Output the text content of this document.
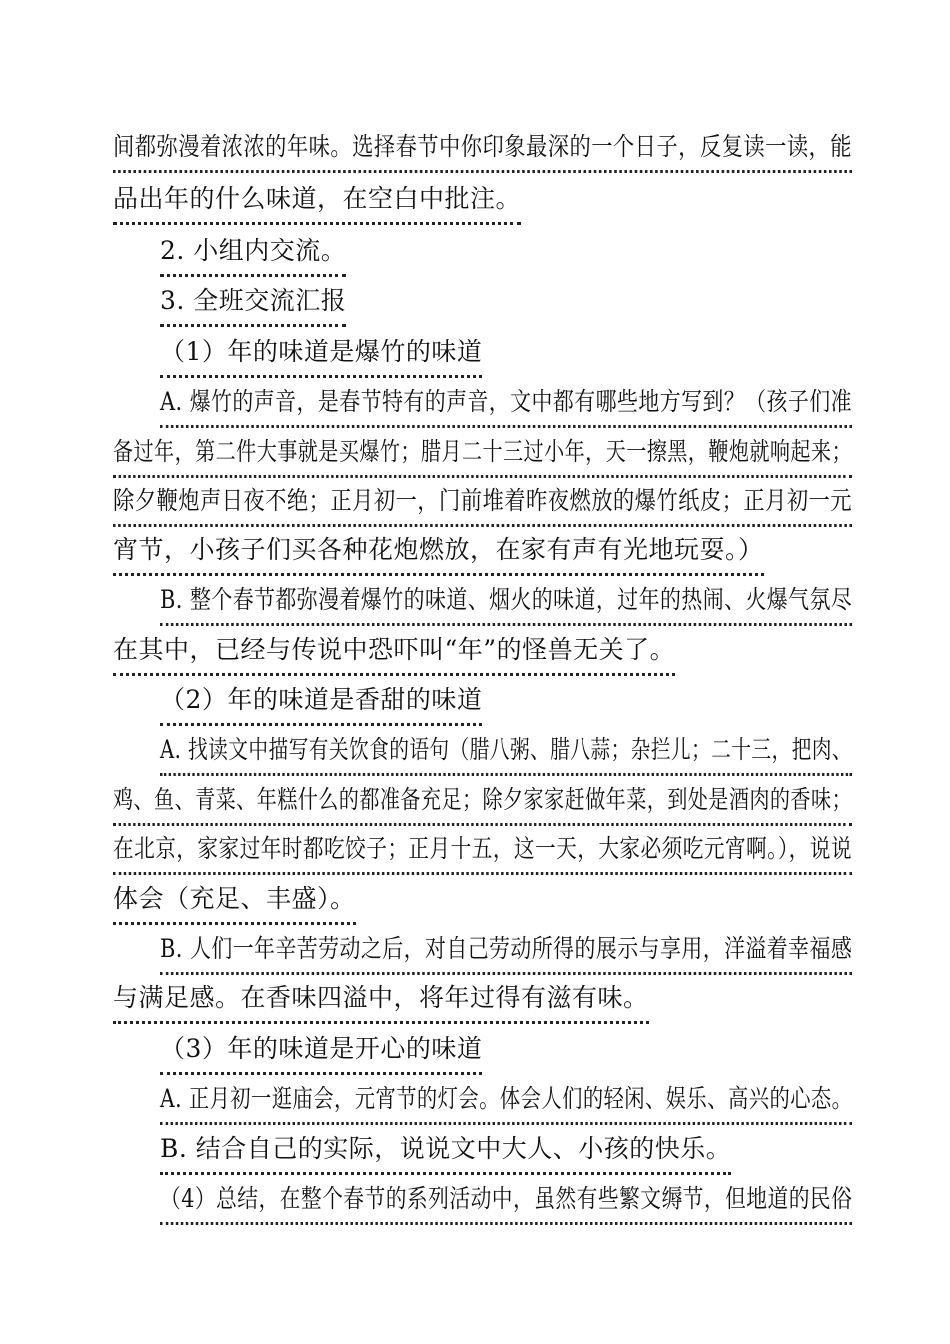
间都弥漫着浓浓的年味。选择春节中你印象最深的一个日子，反复读一读，能
品出年的什么味道，在空白中批注。
2. 小组内交流。
3. 全班交流汇报
（1）年的味道是爆竹的味道
A. 爆竹的声音，是春节特有的声音，文中都有哪些地方写到？（孩子们准
备过年，第二件大事就是买爆竹；腊月二十三过小年，天一擦黑，鞭炮就响起来；
除夕鞭炮声日夜不绝；正月初一，门前堆着昨夜燃放的爆竹纸皮；正月初一元
宵节，小孩子们买各种花炮燃放，在家有声有光地玩耍。）
B. 整个春节都弥漫着爆竹的味道、烟火的味道，过年的热闹、火爆气氛尽
在其中，已经与传说中恐吓叫“年”的怪兽无关了。
（2）年的味道是香甜的味道
A. 找读文中描写有关饮食的语句（腊八粥、腊八蒜；杂拦儿；二十三，把肉、
鸡、鱼、青菜、年糕什么的都准备充足；除夕家家赶做年菜，到处是酒肉的香味；
在北京，家家过年时都吃饺子；正月十五，这一天，大家必须吃元宵啊。），说说
体会（充足、丰盛）。
B. 人们一年辛苦劳动之后，对自己劳动所得的展示与享用，洋溢着幸福感
与满足感。在香味四溢中，将年过得有滋有味。
（3）年的味道是开心的味道
A. 正月初一逛庙会，元宵节的灯会。体会人们的轻闲、娱乐、高兴的心态。
B. 结合自己的实际，说说文中大人、小孩的快乐。
（4）总结，在整个春节的系列活动中，虽然有些繁文缛节，但地道的民俗
